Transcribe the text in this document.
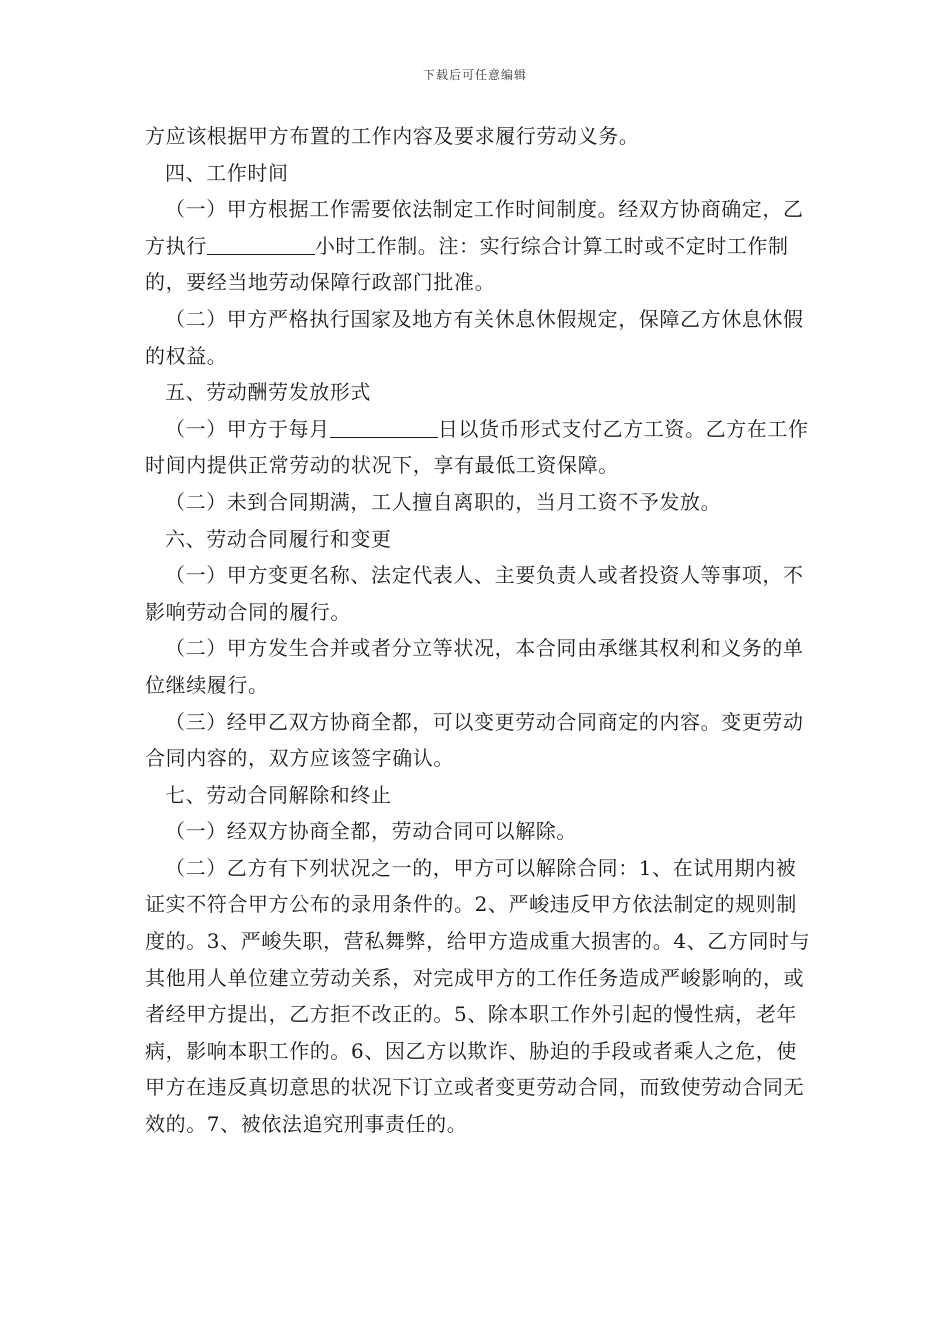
下载后可任意编辑

方应该根据甲方布置的工作内容及要求履行劳动义务。

四、工作时间

（一）甲方根据工作需要依法制定工作时间制度。经双方协商确定，乙方执行	小时工作制。注：实行综合计算工时或不定时工作制的，要经当地劳动保障行政部门批准。

（二）甲方严格执行国家及地方有关休息休假规定，保障乙方休息休假的权益。

五、劳动酬劳发放形式

（一）甲方于每月	日以货币形式支付乙方工资。乙方在工作时间内提供正常劳动的状况下，享有最低工资保障。

（二）未到合同期满，工人擅自离职的，当月工资不予发放。

六、劳动合同履行和变更

（一）甲方变更名称、法定代表人、主要负责人或者投资人等事项，不影响劳动合同的履行。

（二）甲方发生合并或者分立等状况，本合同由承继其权利和义务的单位继续履行。

（三）经甲乙双方协商全都，可以变更劳动合同商定的内容。变更劳动合同内容的，双方应该签字确认。

七、劳动合同解除和终止

（一）经双方协商全都，劳动合同可以解除。

（二）乙方有下列状况之一的，甲方可以解除合同：1、在试用期内被证实不符合甲方公布的录用条件的。2、严峻违反甲方依法制定的规则制度的。3、严峻失职，营私舞弊，给甲方造成重大损害的。4、乙方同时与其他用人单位建立劳动关系，对完成甲方的工作任务造成严峻影响的，或者经甲方提出，乙方拒不改正的。5、除本职工作外引起的慢性病，老年病，影响本职工作的。6、因乙方以欺诈、胁迫的手段或者乘人之危，使甲方在违反真切意思的状况下订立或者变更劳动合同，而致使劳动合同无效的。7、被依法追究刑事责任的。
